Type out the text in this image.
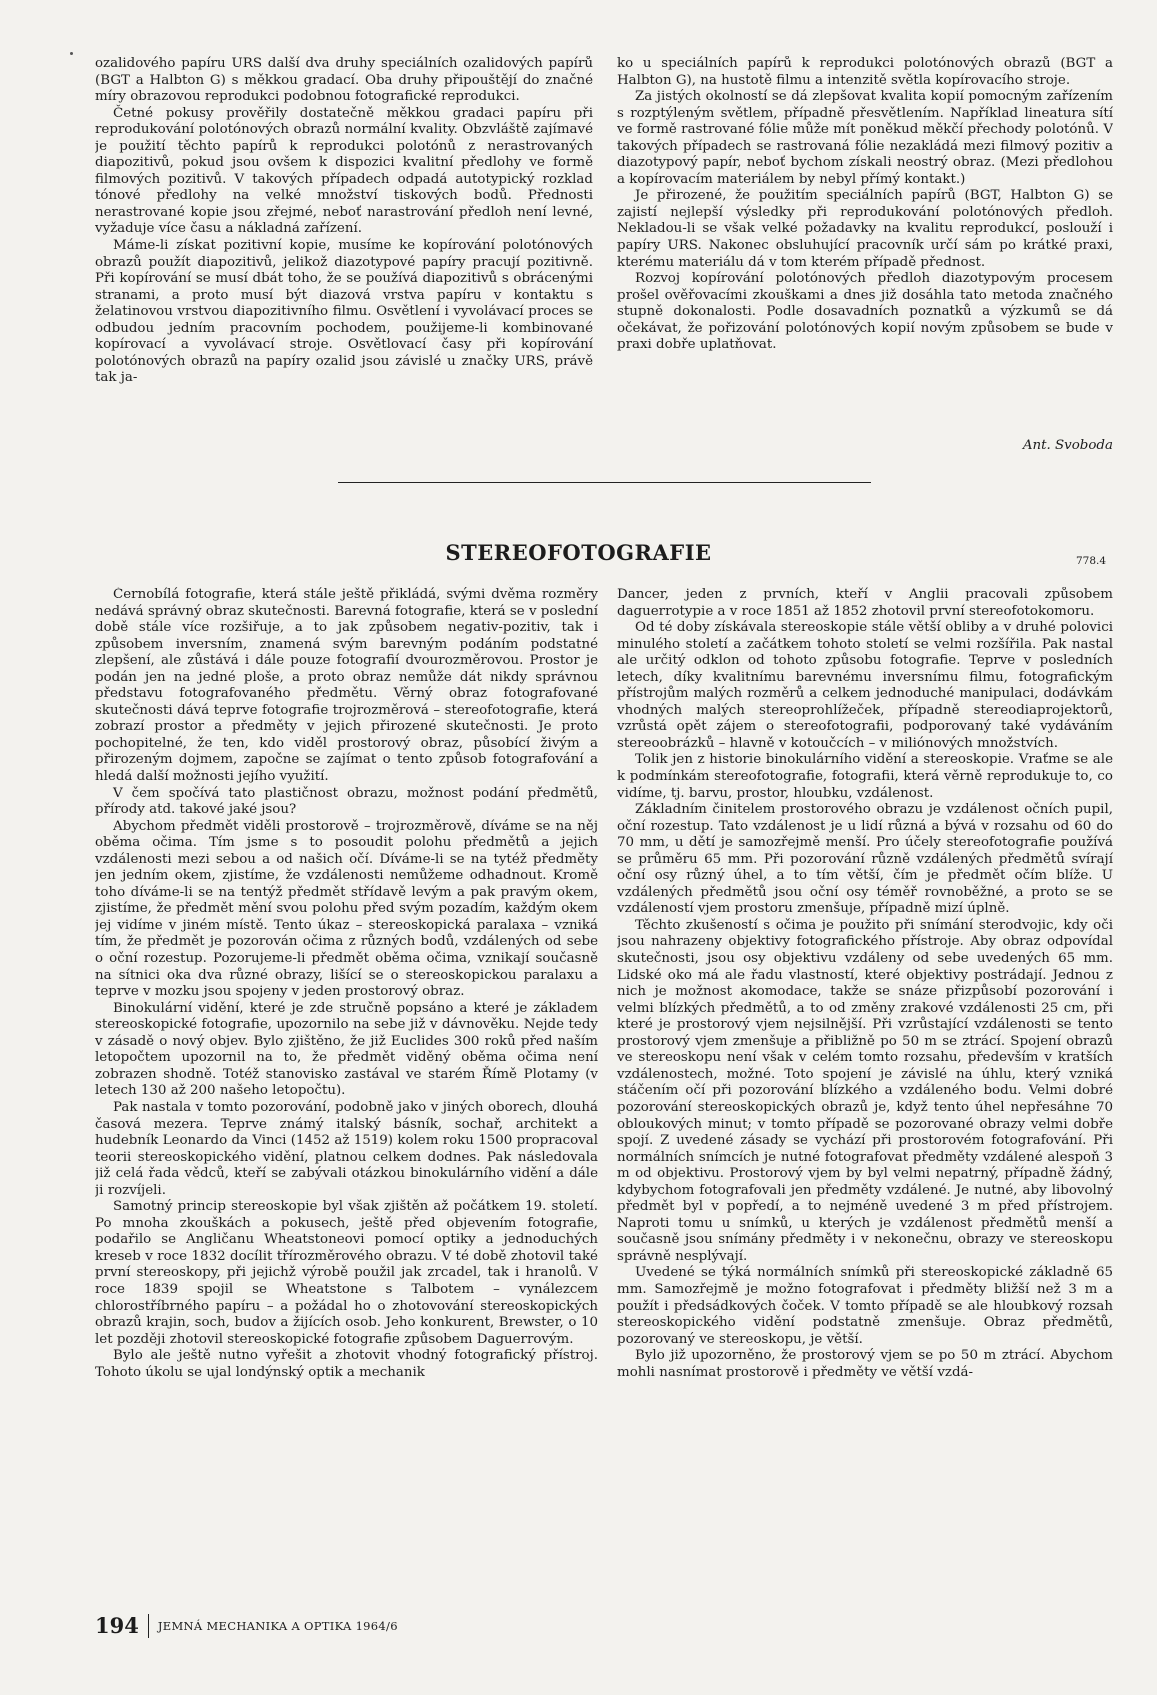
ozalidového papíru URS další dva druhy speciálních ozalidových papírů (BGT a Halbton G) s měkkou gradací. Oba druhy připouštějí do značné míry obrazovou reprodukci podobnou fotografické reprodukci.

Četné pokusy prověřily dostatečně měkkou gradaci papíru při reprodukování polotónových obrazů normální kvality. Obzvláště zajímavé je použití těchto papírů k reprodukci polotónů z nerastrovaných diapozitivů, pokud jsou ovšem k dispozici kvalitní předlohy ve formě filmových pozitivů. V takových případech odpadá autotypický rozklad tónové předlohy na velké množství tiskových bodů. Přednosti nerastrované kopie jsou zřejmé, neboť narastrování předloh není levné, vyžaduje více času a nákladná zařízení.

Máme-li získat pozitivní kopie, musíme ke kopírování polotónových obrazů použít diapozitivů, jelikož diazotypové papíry pracují pozitivně. Při kopírování se musí dbát toho, že se používá diapozitivů s obrácenými stranami, a proto musí být diazová vrstva papíru v kontaktu s želatinovou vrstvou diapozitivního filmu. Osvětlení i vyvolávací proces se odbudou jedním pracovním pochodem, použijeme-li kombinované kopírovací a vyvolávací stroje. Osvětlovací časy při kopírování polotónových obrazů na papíry ozalid jsou závislé u značky URS, právě tak ja-

ko u speciálních papírů k reprodukci polotónových obrazů (BGT a Halbton G), na hustotě filmu a intenzitě světla kopírovacího stroje.

Za jistých okolností se dá zlepšovat kvalita kopií pomocným zařízením s rozptýleným světlem, případně přesvětlením. Například lineatura sítí ve formě rastrované fólie může mít poněkud měkčí přechody polotónů. V takových případech se rastrovaná fólie nezakládá mezi filmový pozitiv a diazotypový papír, neboť bychom získali neostrý obraz. (Mezi předlohou a kopírovacím materiálem by nebyl přímý kontakt.)

Je přirozené, že použitím speciálních papírů (BGT, Halbton G) se zajistí nejlepší výsledky při reprodukování polotónových předloh. Nekladou-li se však velké požadavky na kvalitu reprodukcí, poslouží i papíry URS. Nakonec obsluhující pracovník určí sám po krátké praxi, kterému materiálu dá v tom kterém případě přednost.

Rozvoj kopírování polotónových předloh diazotypovým procesem prošel ověřovacími zkouškami a dnes již dosáhla tato metoda značného stupně dokonalosti. Podle dosavadních poznatků a výzkumů se dá očekávat, že pořizování polotónových kopií novým způsobem se bude v praxi dobře uplatňovat.

Ant. Svoboda
STEREOFOTOGRAFIE	778.4

Černobílá fotografie, která stále ještě přikládá, svými dvěma rozměry nedává správný obraz skutečnosti. Barevná fotografie, která se v poslední době stále více rozšiřuje, a to jak způsobem negativ-pozitiv, tak i způsobem inversním, znamená svým barevným podáním podstatné zlepšení, ale zůstává i dále pouze fotografií dvourozměrovou. Prostor je podán jen na jedné ploše, a proto obraz nemůže dát nikdy správnou představu fotografovaného předmětu. Věrný obraz fotografované skutečnosti dává teprve fotografie trojrozměrová – stereofotografie, která zobrazí prostor a předměty v jejich přirozené skutečnosti. Je proto pochopitelné, že ten, kdo viděl prostorový obraz, působící živým a přirozeným dojmem, započne se zajímat o tento způsob fotografování a hledá další možnosti jejího využití.

V čem spočívá tato plastičnost obrazu, možnost podání předmětů, přírody atd. takové jaké jsou?

Abychom předmět viděli prostorově – trojrozměrově, díváme se na něj oběma očima. Tím jsme s to posoudit polohu předmětů a jejich vzdálenosti mezi sebou a od našich očí. Díváme-li se na tytéž předměty jen jedním okem, zjistíme, že vzdálenosti nemůžeme odhadnout. Kromě toho díváme-li se na tentýž předmět střídavě levým a pak pravým okem, zjistíme, že předmět mění svou polohu před svým pozadím, každým okem jej vidíme v jiném místě. Tento úkaz – stereoskopická paralaxa – vzniká tím, že předmět je pozorován očima z různých bodů, vzdálených od sebe o oční rozestup. Pozorujeme-li předmět oběma očima, vznikají současně na sítnici oka dva různé obrazy, lišící se o stereoskopickou paralaxu a teprve v mozku jsou spojeny v jeden prostorový obraz.

Binokulární vidění, které je zde stručně popsáno a které je základem stereoskopické fotografie, upozornilo na sebe již v dávnověku. Nejde tedy v zásadě o nový objev. Bylo zjištěno, že již Euclides 300 roků před naším letopočtem upozornil na to, že předmět viděný oběma očima není zobrazen shodně. Totéž stanovisko zastával ve starém Římě Plotamy (v letech 130 až 200 našeho letopočtu).

Pak nastala v tomto pozorování, podobně jako v jiných oborech, dlouhá časová mezera. Teprve známý italský básník, sochař, architekt a hudebník Leonardo da Vinci (1452 až 1519) kolem roku 1500 propracoval teorii stereoskopického vidění, platnou celkem dodnes. Pak následovala již celá řada vědců, kteří se zabývali otázkou binokulárního vidění a dále ji rozvíjeli.

Samotný princip stereoskopie byl však zjištěn až počátkem 19. století. Po mnoha zkouškách a pokusech, ještě před objevením fotografie, podařilo se Angličanu Wheatstoneovi pomocí optiky a jednoduchých kreseb v roce 1832 docílit třírozměrového obrazu. V té době zhotovil také první stereoskopy, při jejichž výrobě použil jak zrcadel, tak i hranolů. V roce 1839 spojil se Wheatstone s Talbotem – vynálezcem chlorostříbrného papíru – a požádal ho o zhotovování stereoskopických obrazů krajin, soch, budov a žijících osob. Jeho konkurent, Brewster, o 10 let později zhotovil stereoskopické fotografie způsobem Daguerrovým.

Bylo ale ještě nutno vyřešit a zhotovit vhodný fotografický přístroj. Tohoto úkolu se ujal londýnský optik a mechanik

Dancer, jeden z prvních, kteří v Anglii pracovali způsobem daguerrotypie a v roce 1851 až 1852 zhotovil první stereofotokomoru.

Od té doby získávala stereoskopie stále větší obliby a v druhé polovici minulého století a začátkem tohoto století se velmi rozšířila. Pak nastal ale určitý odklon od tohoto způsobu fotografie. Teprve v posledních letech, díky kvalitnímu barevnému inversnímu filmu, fotografickým přístrojům malých rozměrů a celkem jednoduché manipulaci, dodávkám vhodných malých stereoprohlížeček, případně stereodiaprojektorů, vzrůstá opět zájem o stereofotografii, podporovaný také vydáváním stereoobrázků – hlavně v kotoučcích – v miliónových množstvích.

Tolik jen z historie binokulárního vidění a stereoskopie. Vraťme se ale k podmínkám stereofotografie, fotografii, která věrně reprodukuje to, co vidíme, tj. barvu, prostor, hloubku, vzdálenost.

Základním činitelem prostorového obrazu je vzdálenost očních pupil, oční rozestup. Tato vzdálenost je u lidí různá a bývá v rozsahu od 60 do 70 mm, u dětí je samozřejmě menší. Pro účely stereofotografie používá se průměru 65 mm. Při pozorování různě vzdálených předmětů svírají oční osy různý úhel, a to tím větší, čím je předmět očím blíže. U vzdálených předmětů jsou oční osy téměř rovnoběžné, a proto se se vzdáleností vjem prostoru zmenšuje, případně mizí úplně.

Těchto zkušeností s očima je použito při snímání sterodvojic, kdy oči jsou nahrazeny objektivy fotografického přístroje. Aby obraz odpovídal skutečnosti, jsou osy objektivu vzdáleny od sebe uvedených 65 mm. Lidské oko má ale řadu vlastností, které objektivy postrádají. Jednou z nich je možnost akomodace, takže se snáze přizpůsobí pozorování i velmi blízkých předmětů, a to od změny zrakové vzdálenosti 25 cm, při které je prostorový vjem nejsilnější. Při vzrůstající vzdálenosti se tento prostorový vjem zmenšuje a přibližně po 50 m se ztrácí. Spojení obrazů ve stereoskopu není však v celém tomto rozsahu, především v kratších vzdálenostech, možné. Toto spojení je závislé na úhlu, který vzniká stáčením očí při pozorování blízkého a vzdáleného bodu. Velmi dobré pozorování stereoskopických obrazů je, když tento úhel nepřesáhne 70 obloukových minut; v tomto případě se pozorované obrazy velmi dobře spojí. Z uvedené zásady se vychází při prostorovém fotografování. Při normálních snímcích je nutné fotografovat předměty vzdálené alespoň 3 m od objektivu. Prostorový vjem by byl velmi nepatrný, případně žádný, kdybychom fotografovali jen předměty vzdálené. Je nutné, aby libovolný předmět byl v popředí, a to nejméně uvedené 3 m před přístrojem. Naproti tomu u snímků, u kterých je vzdálenost předmětů menší a současně jsou snímány předměty i v nekonečnu, obrazy ve stereoskopu správně nesplývají.

Uvedené se týká normálních snímků při stereoskopické základně 65 mm. Samozřejmě je možno fotografovat i předměty bližší než 3 m a použít i předsádkových čoček. V tomto případě se ale hloubkový rozsah stereoskopického vidění podstatně zmenšuje. Obraz předmětů, pozorovaný ve stereoskopu, je větší.

Bylo již upozorněno, že prostorový vjem se po 50 m ztrácí. Abychom mohli nasnímat prostorově i předměty ve větší vzdá-

194 JEMNÁ MECHANIKA A OPTIKA 1964/6
